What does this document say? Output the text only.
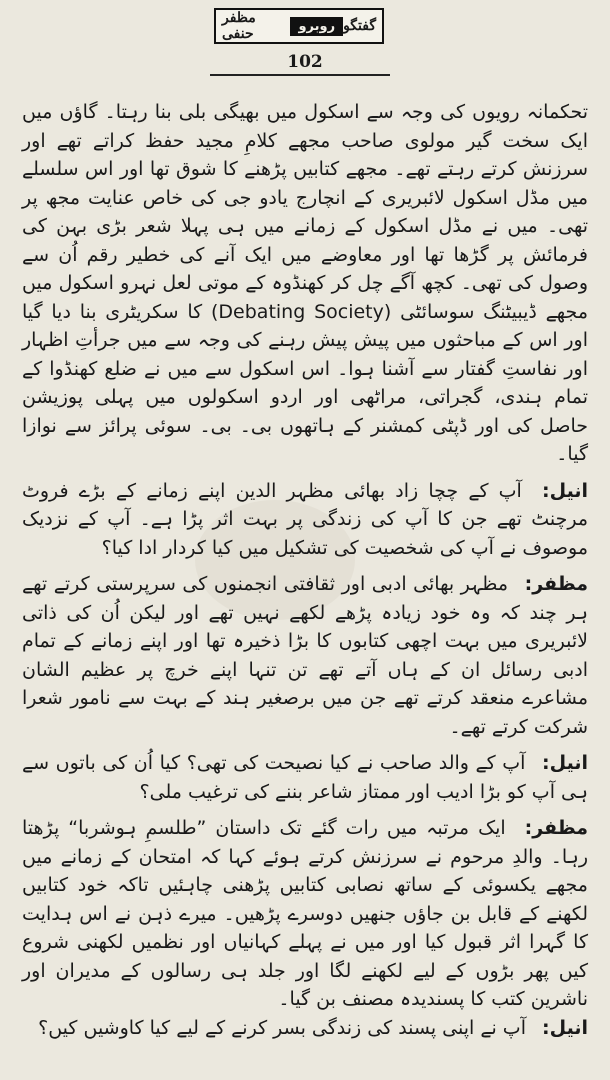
مظفر حنفی	روبرو گفتگو
102

تحکمانہ رویوں کی وجہ سے اسکول میں بھیگی بلی بنا رہتا۔ گاؤں میں ایک سخت گیر مولوی صاحب مجھے کلامِ مجید حفظ کراتے تھے اور سرزنش کرتے رہتے تھے۔ مجھے کتابیں پڑھنے کا شوق تھا اور اس سلسلے میں مڈل اسکول لائبریری کے انچارج یادو جی کی خاص عنایت مجھ پر تھی۔ میں نے مڈل اسکول کے زمانے میں ہی پہلا شعر بڑی بہن کی فرمائش پر گڑھا تھا اور معاوضے میں ایک آنے کی خطیر رقم اُن سے وصول کی تھی۔ کچھ آگے چل کر کھنڈوہ کے موتی لعل نہرو اسکول میں مجھے ڈیبیٹنگ سوسائٹی (Debating Society) کا سکریٹری بنا دیا گیا اور اس کے مباحثوں میں پیش پیش رہنے کی وجہ سے میں جرأتِ اظہار اور نفاستِ گفتار سے آشنا ہوا۔ اس اسکول سے میں نے ضلع کھنڈوا کے تمام ہندی، گجراتی، مراٹھی اور اردو اسکولوں میں پہلی پوزیشن حاصل کی اور ڈپٹی کمشنر کے ہاتھوں بی۔ بی۔ سوئی پرائز سے نوازا گیا۔

انیل: آپ کے چچا زاد بھائی مظہر الدین اپنے زمانے کے بڑے فروٹ مرچنٹ تھے جن کا آپ کی زندگی پر بہت اثر پڑا ہے۔ آپ کے نزدیک موصوف نے آپ کی شخصیت کی تشکیل میں کیا کردار ادا کیا؟

مظفر: مظہر بھائی ادبی اور ثقافتی انجمنوں کی سرپرستی کرتے تھے ہر چند کہ وہ خود زیادہ پڑھے لکھے نہیں تھے اور لیکن اُن کی ذاتی لائبریری میں بہت اچھی کتابوں کا بڑا ذخیرہ تھا اور اپنے زمانے کے تمام ادبی رسائل ان کے ہاں آتے تھے تن تنہا اپنے خرچ پر عظیم الشان مشاعرے منعقد کرتے تھے جن میں برصغیر ہند کے بہت سے نامور شعرا شرکت کرتے تھے۔

انیل: آپ کے والد صاحب نے کیا نصیحت کی تھی؟ کیا اُن کی باتوں سے ہی آپ کو بڑا ادیب اور ممتاز شاعر بننے کی ترغیب ملی؟

مظفر: ایک مرتبہ میں رات گئے تک داستان ”طلسمِ ہوشربا“ پڑھتا رہا۔ والدِ مرحوم نے سرزنش کرتے ہوئے کہا کہ امتحان کے زمانے میں مجھے یکسوئی کے ساتھ نصابی کتابیں پڑھنی چاہئیں تاکہ خود کتابیں لکھنے کے قابل بن جاؤں جنھیں دوسرے پڑھیں۔ میرے ذہن نے اس ہدایت کا گہرا اثر قبول کیا اور میں نے پہلے کہانیاں اور نظمیں لکھنی شروع کیں پھر بڑوں کے لیے لکھنے لگا اور جلد ہی رسالوں کے مدیران اور ناشرین کتب کا پسندیدہ مصنف بن گیا۔

انیل: آپ نے اپنی پسند کی زندگی بسر کرنے کے لیے کیا کاوشیں کیں؟
